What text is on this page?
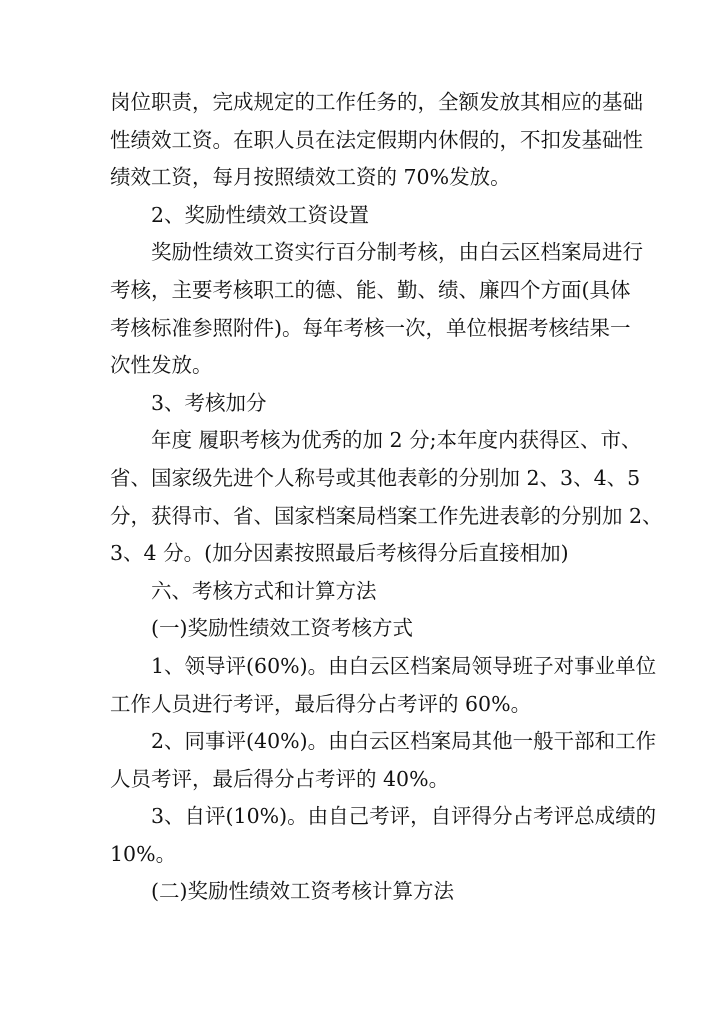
岗位职责，完成规定的工作任务的，全额发放其相应的基础
性绩效工资。在职人员在法定假期内休假的，不扣发基础性
绩效工资，每月按照绩效工资的 70%发放。
2、奖励性绩效工资设置
奖励性绩效工资实行百分制考核，由白云区档案局进行
考核，主要考核职工的德、能、勤、绩、廉四个方面(具体
考核标准参照附件)。每年考核一次，单位根据考核结果一
次性发放。
3、考核加分
年度 履职考核为优秀的加 2 分;本年度内获得区、市、
省、国家级先进个人称号或其他表彰的分别加 2、3、4、5
分，获得市、省、国家档案局档案工作先进表彰的分别加 2、
3、4 分。(加分因素按照最后考核得分后直接相加)
六、考核方式和计算方法
(一)奖励性绩效工资考核方式
1、领导评(60%)。由白云区档案局领导班子对事业单位
工作人员进行考评，最后得分占考评的 60%。
2、同事评(40%)。由白云区档案局其他一般干部和工作
人员考评，最后得分占考评的 40%。
3、自评(10%)。由自己考评，自评得分占考评总成绩的
10%。
(二)奖励性绩效工资考核计算方法
